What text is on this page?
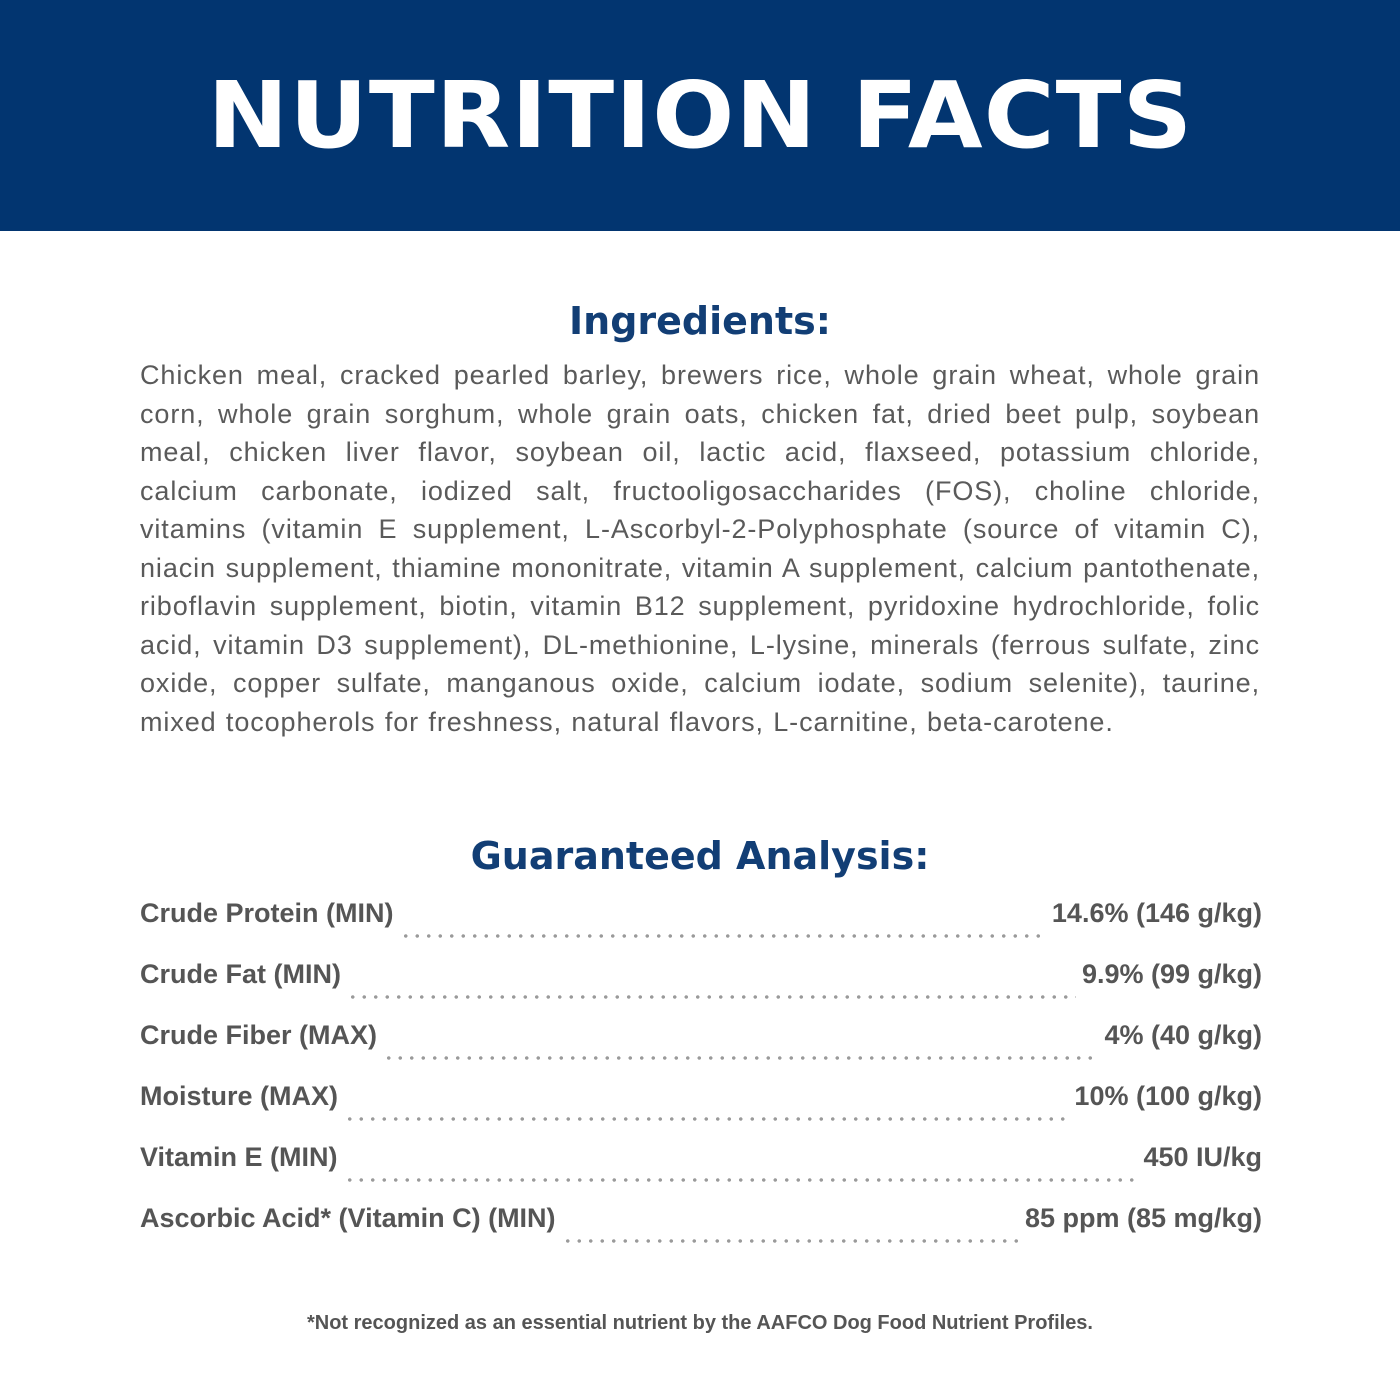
NUTRITION FACTS
Ingredients:

Chicken meal, cracked pearled barley, brewers rice, whole grain wheat, whole grain corn, whole grain sorghum, whole grain oats, chicken fat, dried beet pulp, soybean meal, chicken liver flavor, soybean oil, lactic acid, flaxseed, potassium chloride, calcium carbonate, iodized salt, fructooligosaccharides (FOS), choline chloride, vitamins (vitamin E supplement, L-Ascorbyl-2-Polyphosphate (source of vitamin C), niacin supplement, thiamine mononitrate, vitamin A supplement, calcium pantothenate, riboflavin supplement, biotin, vitamin B12 supplement, pyridoxine hydrochloride, folic acid, vitamin D3 supplement), DL-methionine, L-lysine, minerals (ferrous sulfate, zinc oxide, copper sulfate, manganous oxide, calcium iodate, sodium selenite), taurine, mixed tocopherols for freshness, natural flavors, L-carnitine, beta-carotene.

Guaranteed Analysis:
Crude Protein (MIN)	14.6% (146 g/kg)
Crude Fat (MIN)	9.9% (99 g/kg)
Crude Fiber (MAX)	4% (40 g/kg)
Moisture (MAX)	10% (100 g/kg)
Vitamin E (MIN)	450 IU/kg
Ascorbic Acid* (Vitamin C) (MIN)	85 ppm (85 mg/kg)

*Not recognized as an essential nutrient by the AAFCO Dog Food Nutrient Profiles.
